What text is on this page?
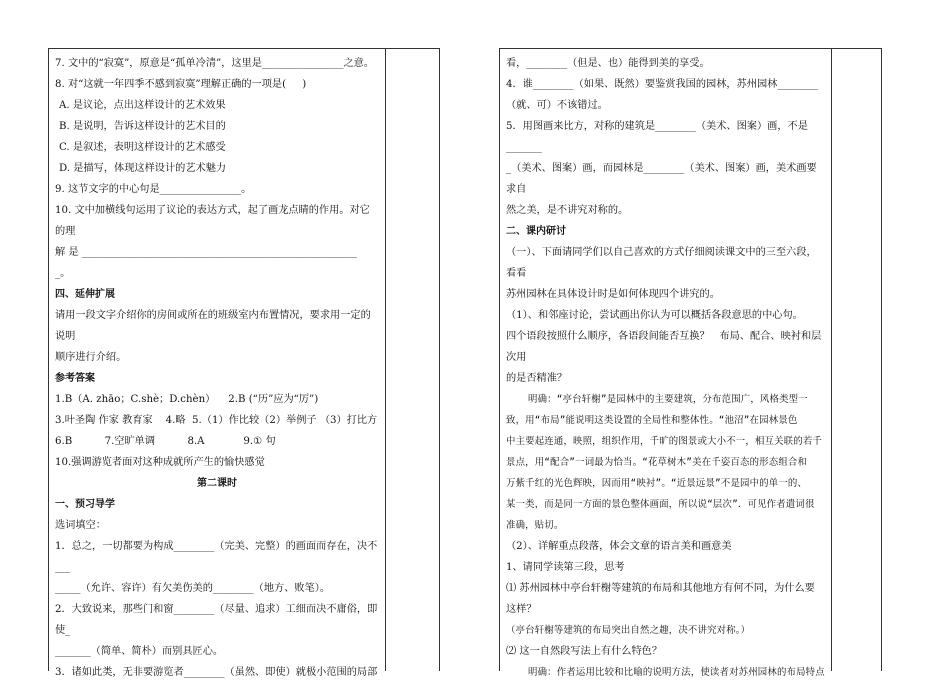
7. 文中的“寂寞”，原意是“孤单冷清”，这里是________________之意。

8. 对“这就一年四季不感到寂寞”理解正确的一项是(     )

A. 是议论，点出这样设计的艺术效果

B. 是说明，告诉这样设计的艺术目的

C. 是叙述，表明这样设计的艺术感受

D. 是描写，体现这样设计的艺术魅力

9. 这节文字的中心句是________________。

10. 文中加横线句运用了议论的表达方式，起了画龙点睛的作用。对它的理

解 是 ______________________________________________________

_。

四、延伸扩展

请用一段文字介绍你的房间或所在的班级室内布置情况，要求用一定的说明

顺序进行介绍。

参考答案

1.B（A. zhāo；C.shè；D.chèn）    2.B (“历”应为“厉”)

3.叶圣陶 作家 教育家    4.略  5.（1）作比较（2）举例子 （3）打比方

6.B          7.空旷单调          8.A            9.① 句

10.强调游览者面对这种成就所产生的愉快感觉

第二课时

一、预习导学

选词填空：

1．总之，一切都要为构成________（完美、完整）的画面而存在，决不___

_____（允许、容许）有欠美伤美的________（地方、败笔）。

2．大致说来，那些门和窗________（尽量、追求）工细而决不庸俗，即使_

_______（简单、简朴）而别具匠心。

3．诸如此类，无非要游览者________（虽然、即使）就极小范围的局部

看，________（但是、也）能得到美的享受。

4．谁________（如果、既然）要鉴赏我国的园林，苏州园林________

（就、可）不该错过。

5．用图画来比方，对称的建筑是________（美术、图案）画，不是_______

_（美术、图案）画，而园林是________（美术、图案）画，美术画要求自

然之美，是不讲究对称的。

二、课内研讨

（一）、下面请同学们以自己喜欢的方式仔细阅读课文中的三至六段，看看

苏州园林在具体设计时是如何体现四个讲究的。

（1）、和邻座讨论，尝试画出你认为可以概括各段意思的中心句。

四个语段按照什么顺序，各语段间能否互换？   布局、配合、映衬和层次用

的是否精准？

明确：“亭台轩榭”是园林中的主要建筑，分布范围广，风格类型一

致，用“布局”能说明这类设置的全局性和整体性。“池沼”在园林景色

中主要起连通，映照，组织作用，千旷的图景或大小不一，相互关联的若千

景点，用“配合”一词最为恰当。“花草树木”美在千姿百态的形态组合和

万紫千红的光色辉映，因而用“映衬”。“近景远景”不是园中的单一的、

某一类，而是同一方面的景色整体画面，所以说“层次”．可见作者遣词很

准确，贴切。

（2）、详解重点段落，体会文章的语言美和画意美

1、请同学读第三段，思考

⑴ 苏州园林中亭台轩榭等建筑的布局和其他地方有何不同，为什么要这样？

（亭台轩榭等建筑的布局突出自然之趣，决不讲究对称。）

⑵ 这一自然段写法上有什么特色？

明确：作者运用比较和比喻的说明方法，使读者对苏州园林的布局特点
